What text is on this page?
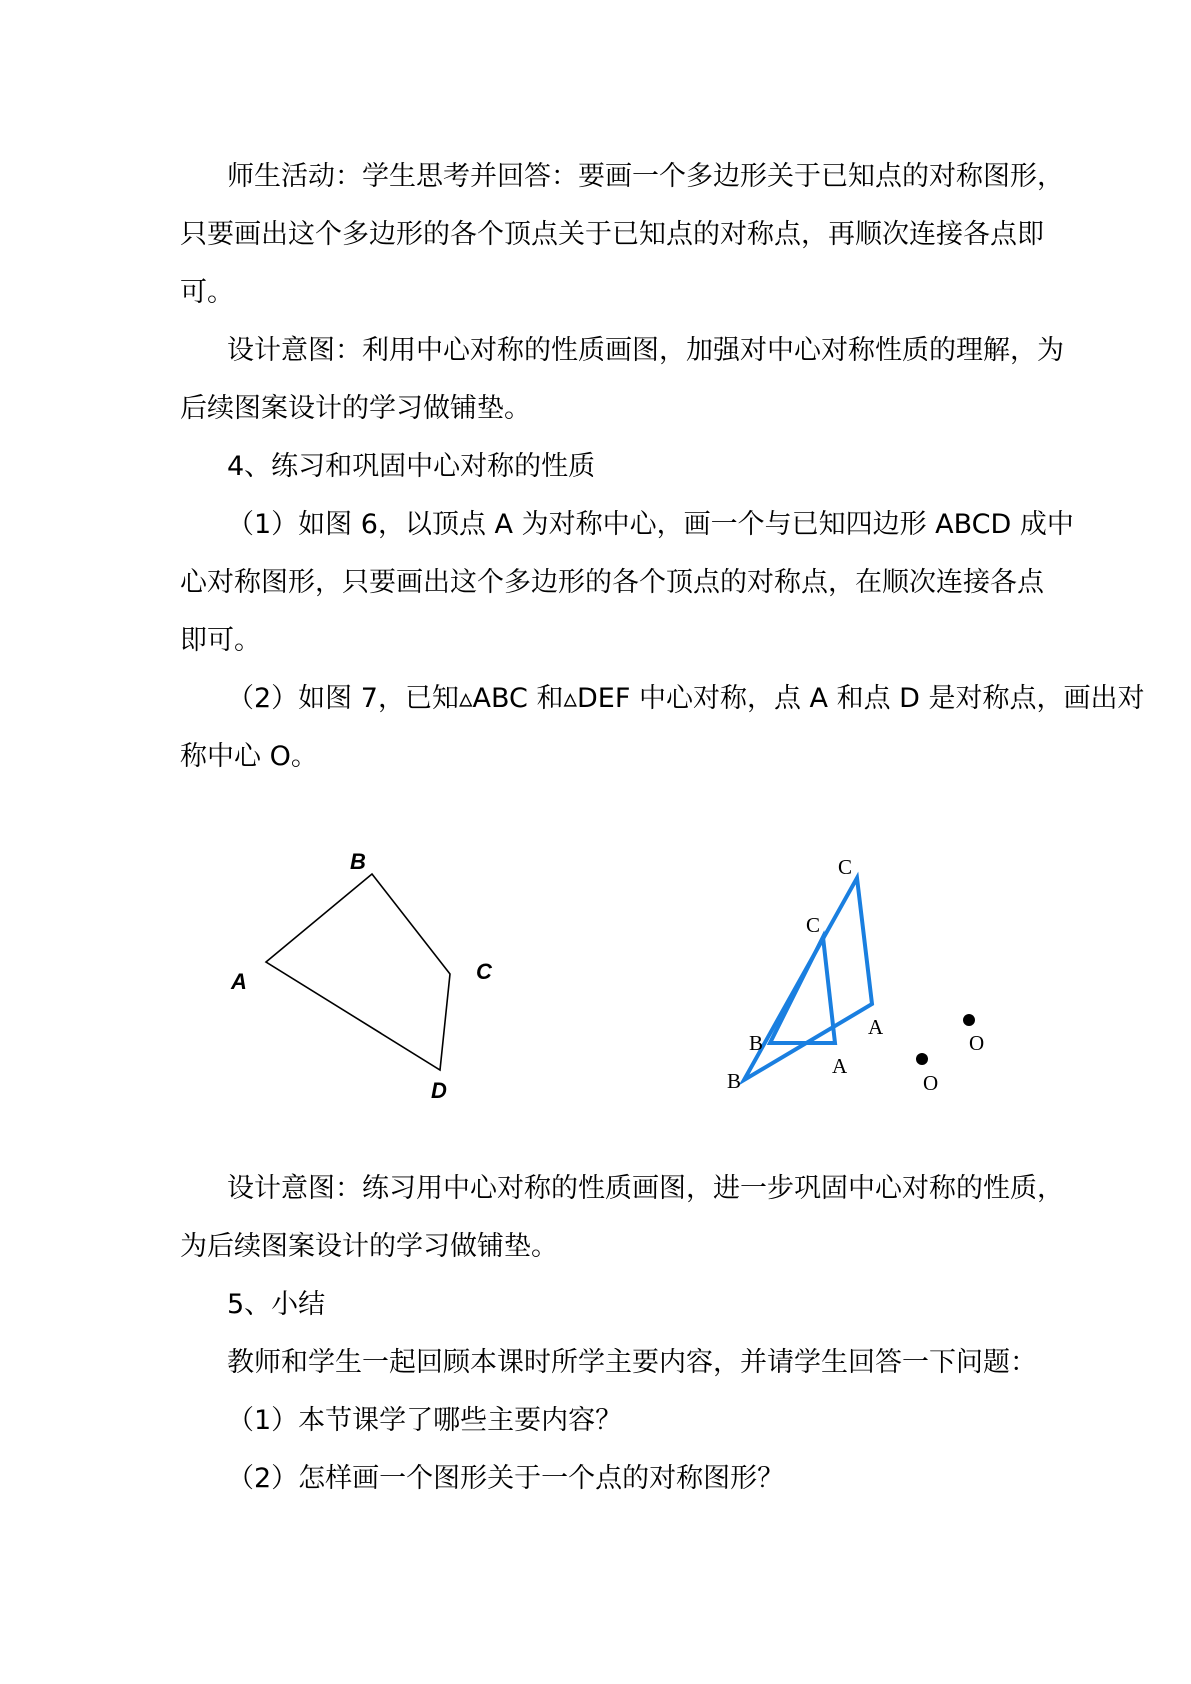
师生活动：学生思考并回答：要画一个多边形关于已知点的对称图形，
只要画出这个多边形的各个顶点关于已知点的对称点，再顺次连接各点即
可。
设计意图：利用中心对称的性质画图，加强对中心对称性质的理解，为
后续图案设计的学习做铺垫。
4、练习和巩固中心对称的性质
（1）如图 6，以顶点 A 为对称中心，画一个与已知四边形 ABCD 成中
心对称图形，只要画出这个多边形的各个顶点的对称点，在顺次连接各点
即可。
（2）如图 7，已知▵ABC 和▵DEF 中心对称，点 A 和点 D 是对称点，画出对
称中心 O。
B
A	C
D
C
C
B
B
A
A
O
O
设计意图：练习用中心对称的性质画图，进一步巩固中心对称的性质，
为后续图案设计的学习做铺垫。
5、小结
教师和学生一起回顾本课时所学主要内容，并请学生回答一下问题：
（1）本节课学了哪些主要内容？
（2）怎样画一个图形关于一个点的对称图形？
